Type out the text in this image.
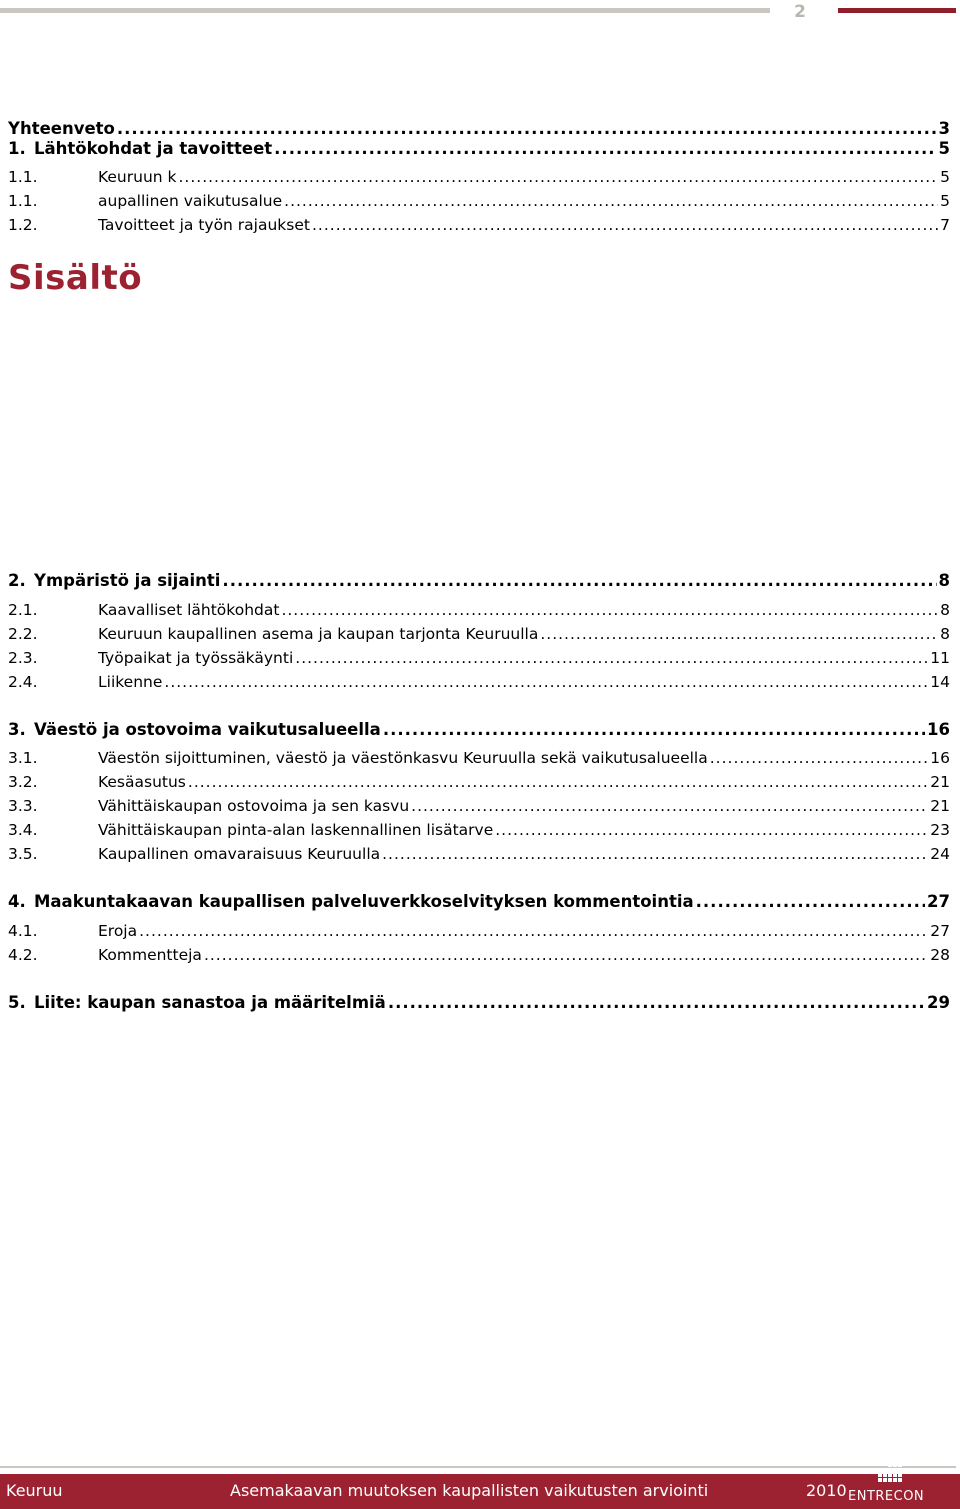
2
Sisältö
Yhteenveto .....	3
1. Lähtökohdat ja tavoitteet .....	5
1.1.	Keuruun k .....	5
1.1.	aupallinen vaikutusalue .....	5
1.2.	Tavoitteet ja työn rajaukset .....	7
2. Ympäristö ja sijainti .....	8
2.1.	Kaavalliset lähtökohdat .....	8
2.2.	Keuruun kaupallinen asema ja kaupan tarjonta Keuruulla .....	8
2.3.	Työpaikat ja työssäkäynti .....	11
2.4.	Liikenne .....	14
3. Väestö ja ostovoima vaikutusalueella .....	16
3.1.	Väestön sijoittuminen, väestö ja väestönkasvu Keuruulla sekä vaikutusalueella .....	16
3.2.	Kesäasutus .....	21
3.3.	Vähittäiskaupan ostovoima ja sen kasvu .....	21
3.4.	Vähittäiskaupan pinta-alan laskennallinen lisätarve .....	23
3.5.	Kaupallinen omavaraisuus Keuruulla .....	24
4. Maakuntakaavan kaupallisen palveluverkkoselvityksen kommentointia .....	27
4.1.	Eroja .....	27
4.2.	Kommentteja .....	28
5. Liite: kaupan sanastoa ja määritelmiä .....	29
Keuruu	Asemakaavan muutoksen kaupallisten vaikutusten arviointi	2010 ENTRECON
